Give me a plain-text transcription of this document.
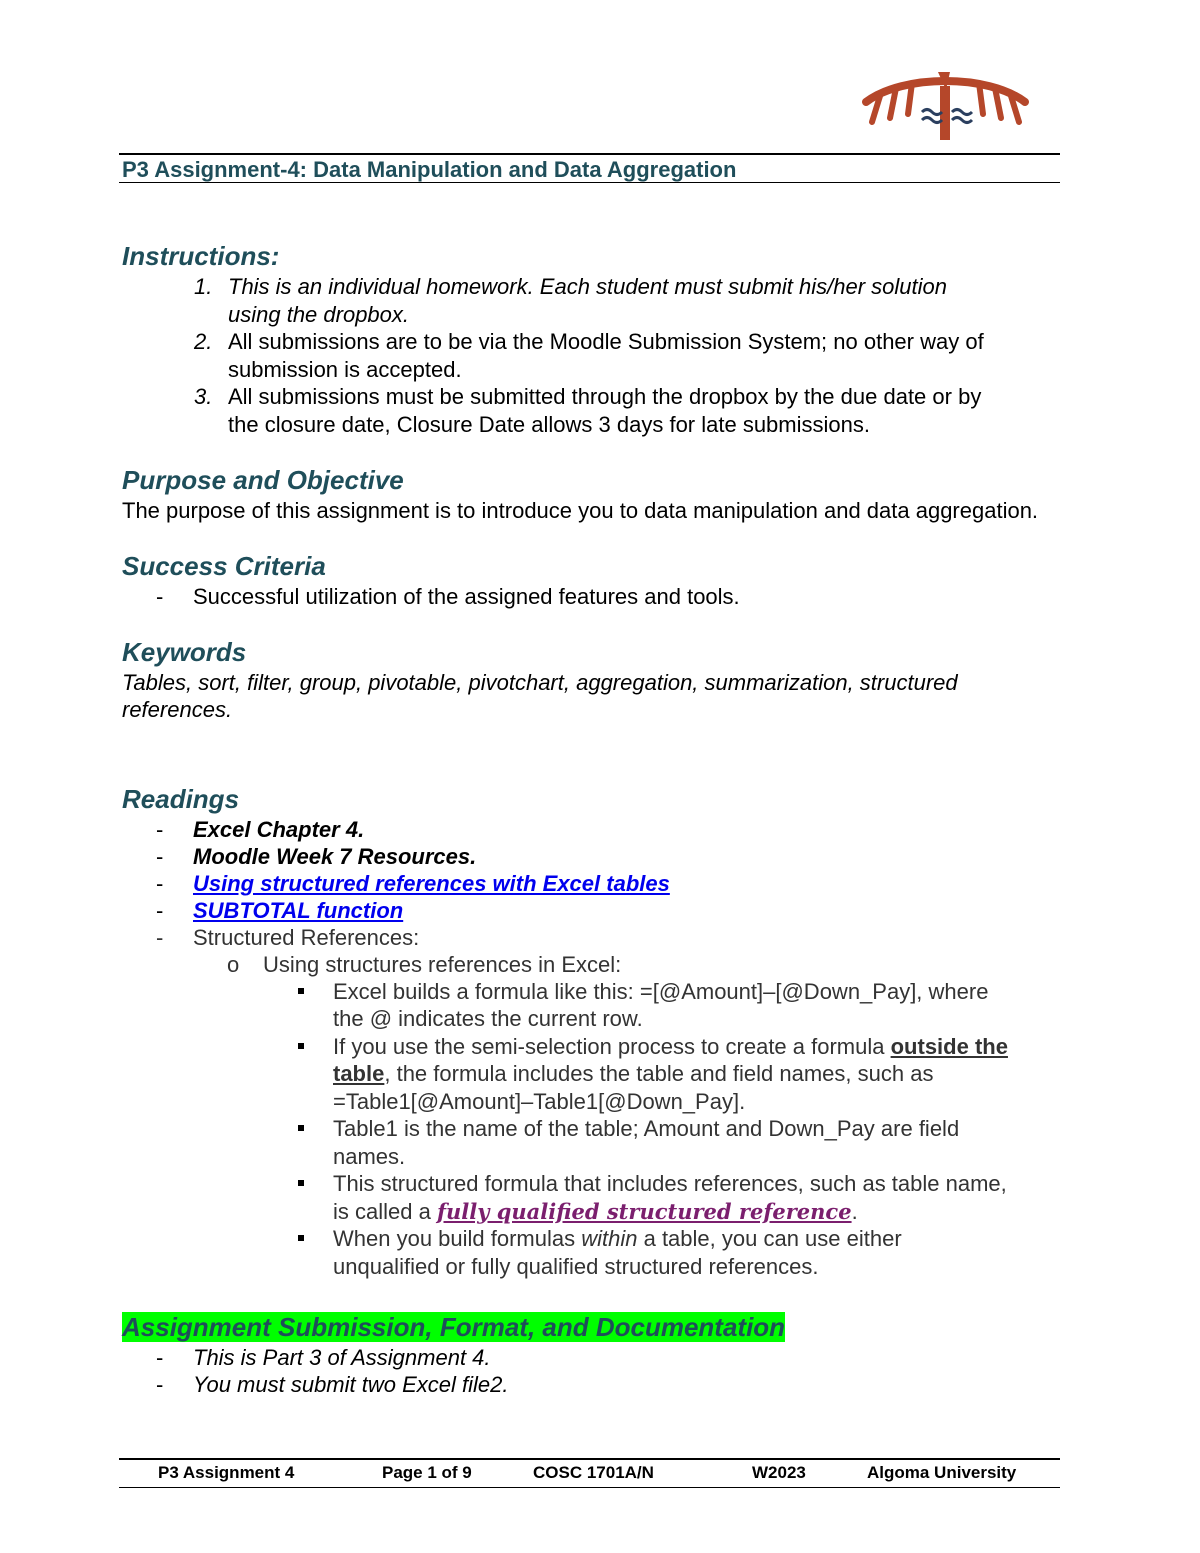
P3 Assignment-4: Data Manipulation and Data Aggregation
Instructions:
1. This is an individual homework. Each student must submit his/her solution
using the dropbox.
2. All submissions are to be via the Moodle Submission System; no other way of
submission is accepted.
3. All submissions must be submitted through the dropbox by the due date or by
the closure date, Closure Date allows 3 days for late submissions.
Purpose and Objective
The purpose of this assignment is to introduce you to data manipulation and data aggregation.
Success Criteria
- Successful utilization of the assigned features and tools.
Keywords
Tables, sort, filter, group, pivotable, pivotchart, aggregation, summarization, structured
references.
Readings
- Excel Chapter 4.
- Moodle Week 7 Resources.
- Using structured references with Excel tables
- SUBTOTAL function
- Structured References:
o Using structures references in Excel:
Excel builds a formula like this: =[@Amount]–[@Down_Pay], where
the @ indicates the current row.
If you use the semi-selection process to create a formula outside the
table, the formula includes the table and field names, such as
=Table1[@Amount]–Table1[@Down_Pay].
Table1 is the name of the table; Amount and Down_Pay are field
names.
This structured formula that includes references, such as table name,
is called a fully qualified structured reference.
When you build formulas within a table, you can use either
unqualified or fully qualified structured references.
Assignment Submission, Format, and Documentation
- This is Part 3 of Assignment 4.
- You must submit two Excel file2.
P3 Assignment 4	Page 1 of 9	COSC 1701A/N	W2023	Algoma University
